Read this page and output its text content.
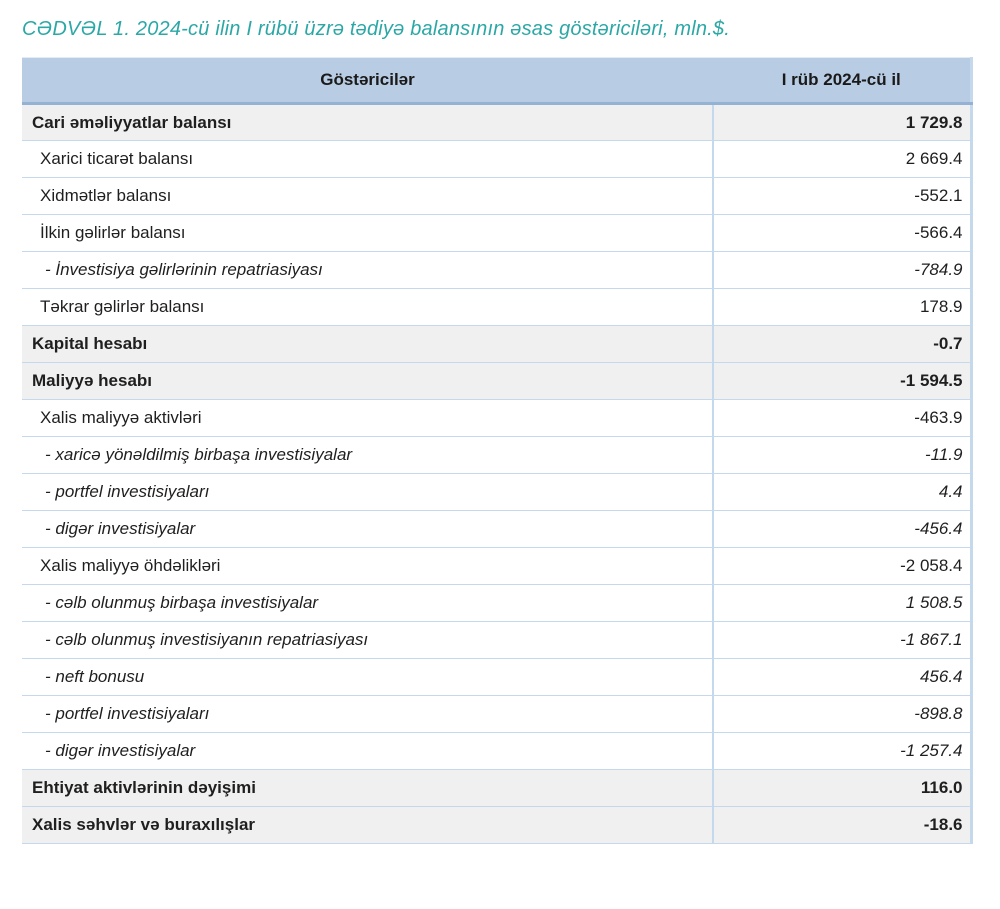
CƏDVƏL 1. 2024-cü ilin I rübü üzrə tədiyə balansının əsas göstəriciləri, mln.$.
Göstəricilər	I rüb 2024-cü il
Cari əməliyyatlar balansı	1 729.8
Xarici ticarət balansı	2 669.4
Xidmətlər balansı	-552.1
İlkin gəlirlər balansı	-566.4
- İnvestisiya gəlirlərinin repatriasiyası	-784.9
Təkrar gəlirlər balansı	178.9
Kapital hesabı	-0.7
Maliyyə hesabı	-1 594.5
Xalis maliyyə aktivləri	-463.9
- xaricə yönəldilmiş birbaşa investisiyalar	-11.9
- portfel investisiyaları	4.4
- digər investisiyalar	-456.4
Xalis maliyyə öhdəlikləri	-2 058.4
- cəlb olunmuş birbaşa investisiyalar	1 508.5
- cəlb olunmuş investisiyanın repatriasiyası	-1 867.1
- neft bonusu	456.4
- portfel investisiyaları	-898.8
- digər investisiyalar	-1 257.4
Ehtiyat aktivlərinin dəyişimi	116.0
Xalis səhvlər və buraxılışlar	-18.6
